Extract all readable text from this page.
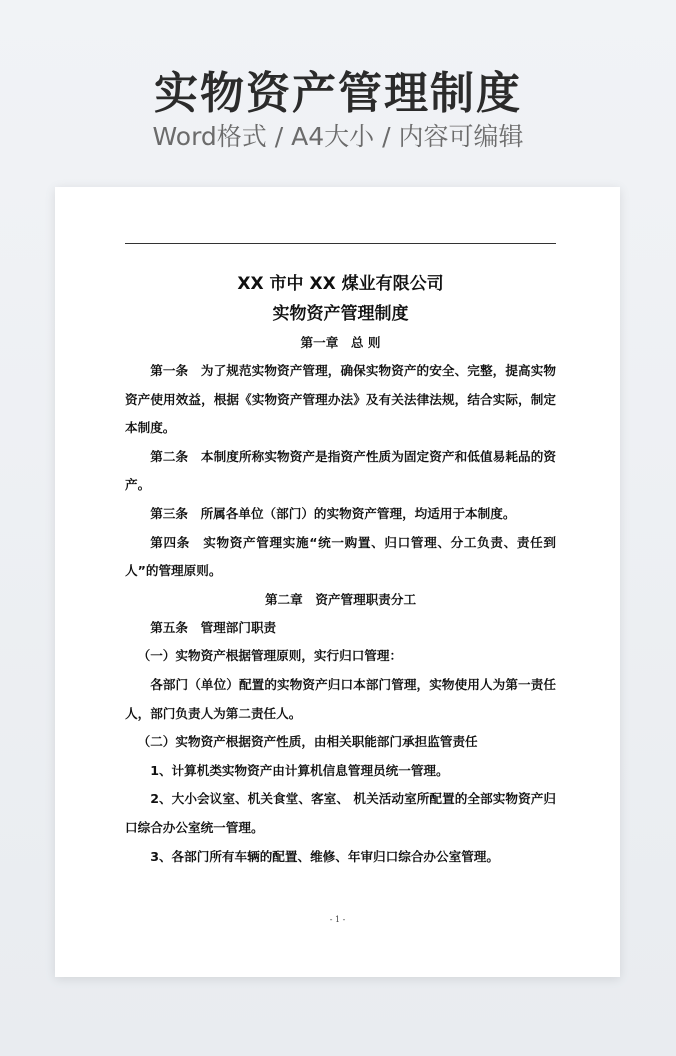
实物资产管理制度
Word格式 / A4大小 / 内容可编辑
XX 市中 XX 煤业有限公司
实物资产管理制度
第一章　总 则

第一条　为了规范实物资产管理，确保实物资产的安全、完整，提高实物资产使用效益，根据《实物资产管理办法》及有关法律法规，结合实际，制定本制度。

第二条　本制度所称实物资产是指资产性质为固定资产和低值易耗品的资产。

第三条　所属各单位（部门）的实物资产管理，均适用于本制度。

第四条　实物资产管理实施“统一购置、归口管理、分工负责、责任到人”的管理原则。

第二章　资产管理职责分工

第五条　管理部门职责

（一）实物资产根据管理原则，实行归口管理：

各部门（单位）配置的实物资产归口本部门管理，实物使用人为第一责任人，部门负责人为第二责任人。

（二）实物资产根据资产性质，由相关职能部门承担监管责任

1、计算机类实物资产由计算机信息管理员统一管理。

2、大小会议室、机关食堂、客室、 机关活动室所配置的全部实物资产归口综合办公室统一管理。

3、各部门所有车辆的配置、维修、年审归口综合办公室管理。

- 1 -
